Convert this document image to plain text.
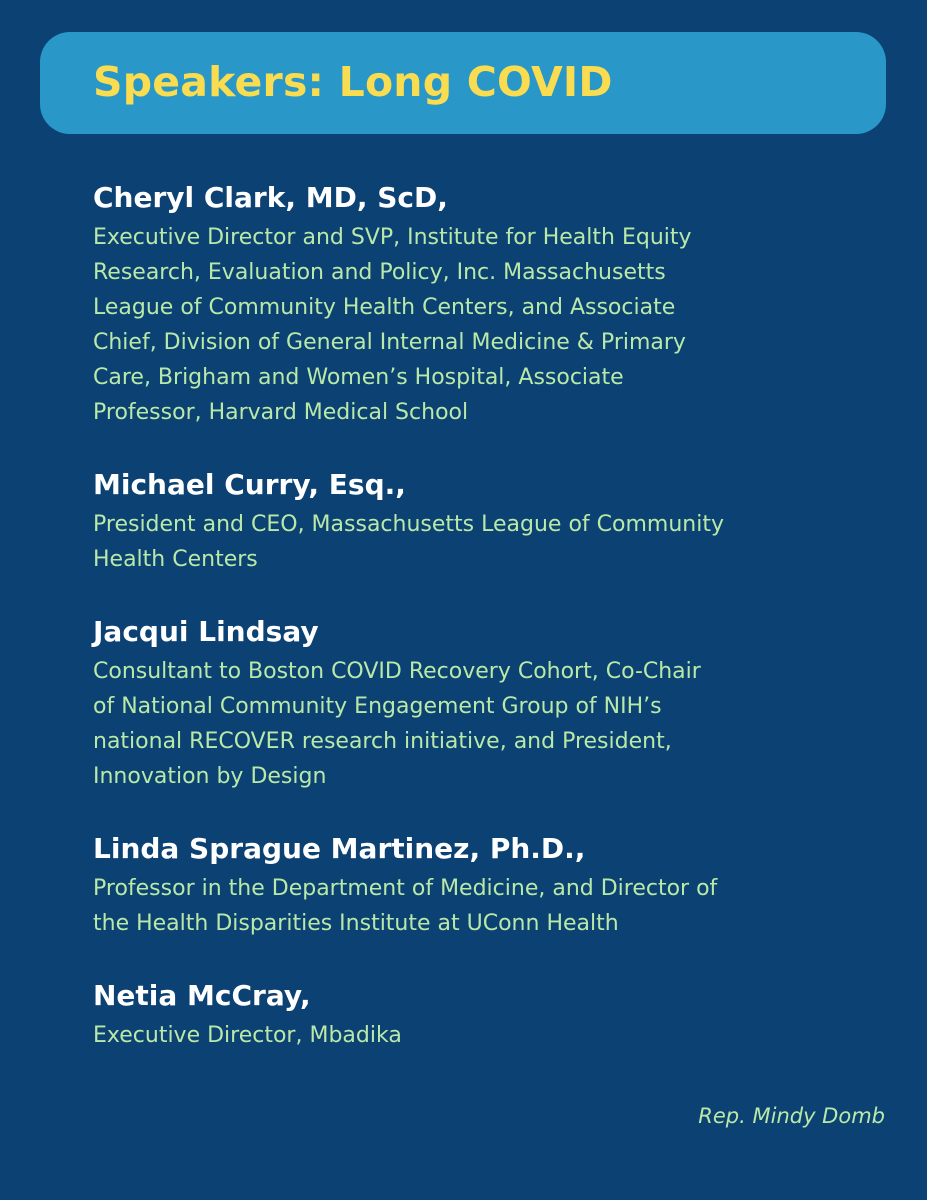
Speakers: Long COVID
Cheryl Clark, MD, ScD,
Executive Director and SVP, Institute for Health Equity
Research, Evaluation and Policy, Inc. Massachusetts
League of Community Health Centers, and Associate
Chief, Division of General Internal Medicine & Primary
Care, Brigham and Women’s Hospital, Associate
Professor, Harvard Medical School
Michael Curry, Esq.,
President and CEO, Massachusetts League of Community
Health Centers
Jacqui Lindsay
Consultant to Boston COVID Recovery Cohort, Co-Chair
of National Community Engagement Group of NIH’s
national RECOVER research initiative, and President,
Innovation by Design
Linda Sprague Martinez, Ph.D.,
Professor in the Department of Medicine, and Director of
the Health Disparities Institute at UConn Health
Netia McCray,
Executive Director, Mbadika
Rep. Mindy Domb
